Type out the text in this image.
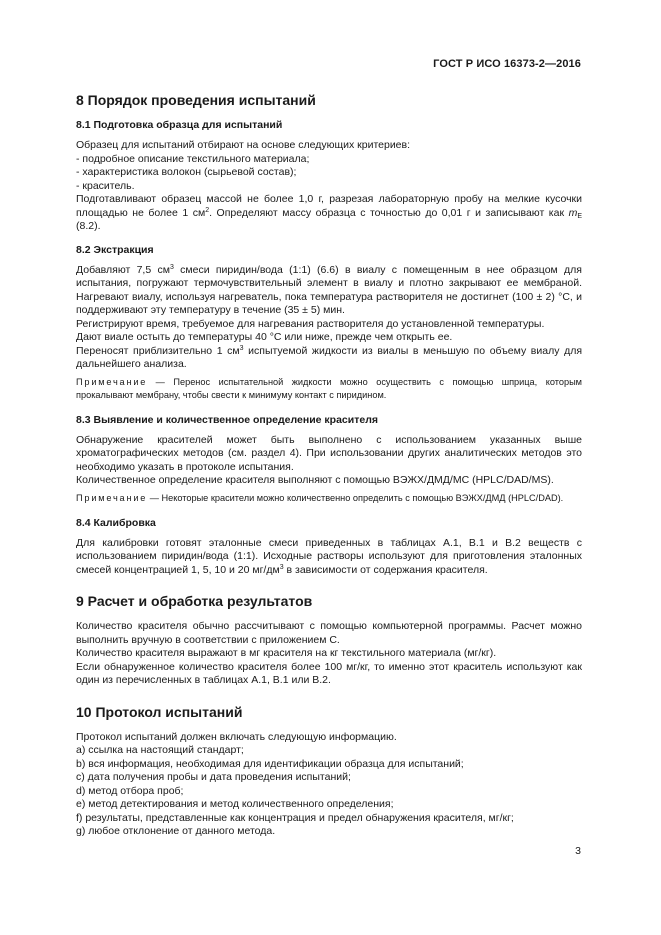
ГОСТ Р ИСО 16373-2—2016
8 Порядок проведения испытаний
8.1 Подготовка образца для испытаний

Образец для испытаний отбирают на основе следующих критериев:

- подробное описание текстильного материала;

- характеристика волокон (сырьевой состав);

- краситель.

Подготавливают образец массой не более 1,0 г, разрезая лабораторную пробу на мелкие кусочки площадью не более 1 $см^2$. Определяют массу образца с точностью до 0,01 г и записывают как $m_E$ (8.2).

8.2 Экстракция

Добавляют 7,5 $см^3$ смеси пиридин/вода (1:1) (6.6) в виалу с помещенным в нее образцом для испытания, погружают термочувствительный элемент в виалу и плотно закрывают ее мембраной. Нагревают виалу, используя нагреватель, пока температура растворителя не достигнет (100 ± 2) °С, и поддерживают эту температуру в течение (35 ± 5) мин.

Регистрируют время, требуемое для нагревания растворителя до установленной температуры.

Дают виале остыть до температуры 40 °С или ниже, прежде чем открыть ее.

Переносят приблизительно 1 $см^3$ испытуемой жидкости из виалы в меньшую по объему виалу для дальнейшего анализа.

Примечание — Перенос испытательной жидкости можно осуществить с помощью шприца, которым прокалывают мембрану, чтобы свести к минимуму контакт с пиридином.

8.3 Выявление и количественное определение красителя

Обнаружение красителей может быть выполнено с использованием указанных выше хроматографических методов (см. раздел 4). При использовании других аналитических методов это необходимо указать в протоколе испытания.

Количественное определение красителя выполняют с помощью ВЭЖХ/ДМД/МС (HPLC/DAD/MS).

Примечание — Некоторые красители можно количественно определить с помощью ВЭЖХ/ДМД (HPLC/DAD).

8.4 Калибровка

Для калибровки готовят эталонные смеси приведенных в таблицах А.1, В.1 и В.2 веществ с использованием пиридин/вода (1:1). Исходные растворы используют для приготовления эталонных смесей концентрацией 1, 5, 10 и 20 $мг/дм^3$ в зависимости от содержания красителя.

9 Расчет и обработка результатов

Количество красителя обычно рассчитывают с помощью компьютерной программы. Расчет можно выполнить вручную в соответствии с приложением С.

Количество красителя выражают в мг красителя на кг текстильного материала (мг/кг).

Если обнаруженное количество красителя более 100 мг/кг, то именно этот краситель используют как один из перечисленных в таблицах А.1, В.1 или В.2.

10 Протокол испытаний

Протокол испытаний должен включать следующую информацию.

а) ссылка на настоящий стандарт;

b) вся информация, необходимая для идентификации образца для испытаний;

c) дата получения пробы и дата проведения испытаний;

d) метод отбора проб;

e) метод детектирования и метод количественного определения;

f) результаты, представленные как концентрация и предел обнаружения красителя, мг/кг;

g) любое отклонение от данного метода.

3
